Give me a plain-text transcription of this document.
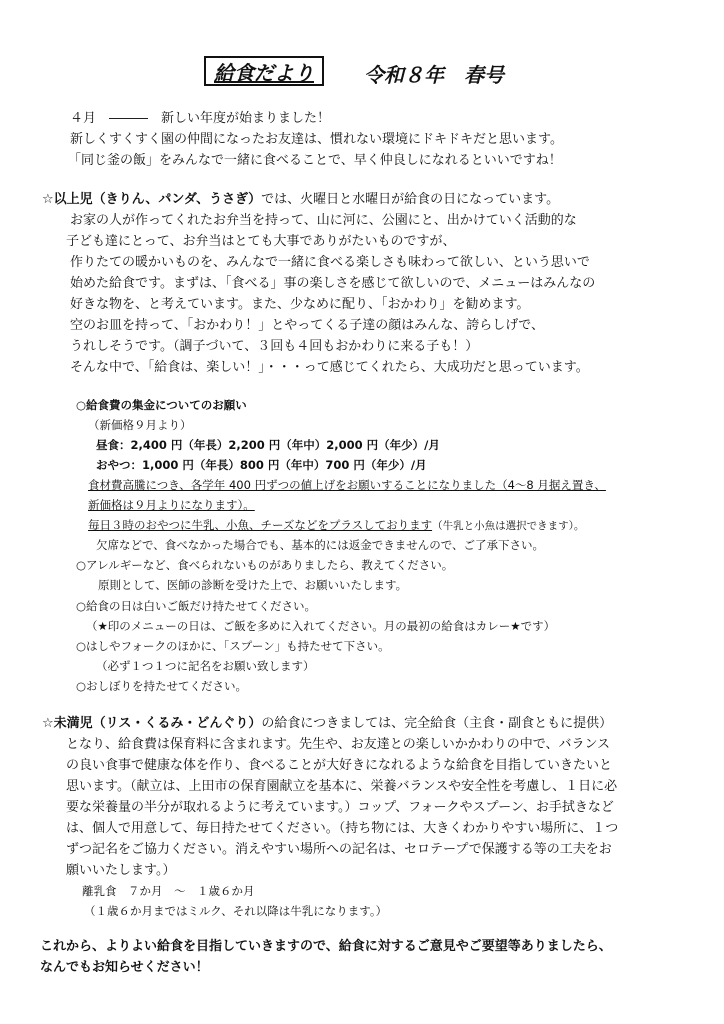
給食だより	令和８年　春号
４月　―――　新しい年度が始まりました！
新しくすくすく園の仲間になったお友達は、慣れない環境にドキドキだと思います。
「同じ釜の飯」をみんなで一緒に食べることで、早く仲良しになれるといいですね！
☆以上児（きりん、パンダ、うさぎ）では、火曜日と水曜日が給食の日になっています。
お家の人が作ってくれたお弁当を持って、山に河に、公園にと、出かけていく活動的な
子ども達にとって、お弁当はとても大事でありがたいものですが、
作りたての暖かいものを、みんなで一緒に食べる楽しさも味わって欲しい、という思いで
始めた給食です。まずは、「食べる」事の楽しさを感じて欲しいので、メニューはみんなの
好きな物を、と考えています。また、少なめに配り、「おかわり」を勧めます。
空のお皿を持って、「おかわり！」とやってくる子達の顔はみんな、誇らしげで、
うれしそうです。（調子づいて、３回も４回もおかわりに来る子も！）
そんな中で、「給食は、楽しい！」・・・って感じてくれたら、大成功だと思っています。
○給食費の集金についてのお願い
（新価格９月より）
昼食：2,400 円（年長）2,200 円（年中）2,000 円（年少）/月
おやつ：1,000 円（年長）800 円（年中）700 円（年少）/月
食材費高騰につき、各学年 400 円ずつの値上げをお願いすることになりました（4～8 月据え置き、
新価格は９月よりになります）。
毎日３時のおやつに牛乳、小魚、チーズなどをプラスしております（牛乳と小魚は選択できます）。
欠席などで、食べなかった場合でも、基本的には返金できませんので、ご了承下さい。
○アレルギーなど、食べられないものがありましたら、教えてください。
原則として、医師の診断を受けた上で、お願いいたします。
○給食の日は白いご飯だけ持たせてください。
（★印のメニューの日は、ご飯を多めに入れてください。月の最初の給食はカレー★です）
○はしやフォークのほかに、「スプーン」も持たせて下さい。
（必ず１つ１つに記名をお願い致します）
○おしぼりを持たせてください。
☆未満児（リス・くるみ・どんぐり）の給食につきましては、完全給食（主食・副食ともに提供）
となり、給食費は保育料に含まれます。先生や、お友達との楽しいかかわりの中で、バランス
の良い食事で健康な体を作り、食べることが大好きになれるような給食を目指していきたいと
思います。（献立は、上田市の保育園献立を基本に、栄養バランスや安全性を考慮し、１日に必
要な栄養量の半分が取れるように考えています。）コップ、フォークやスプーン、お手拭きなど
は、個人で用意して、毎日持たせてください。（持ち物には、大きくわかりやすい場所に、１つ
ずつ記名をご協力ください。消えやすい場所への記名は、セロテープで保護する等の工夫をお
願いいたします。）
離乳食　７か月　～　１歳６か月
（１歳６か月まではミルク、それ以降は牛乳になります。）
これから、よりよい給食を目指していきますので、給食に対するご意見やご要望等ありましたら、
なんでもお知らせください！
